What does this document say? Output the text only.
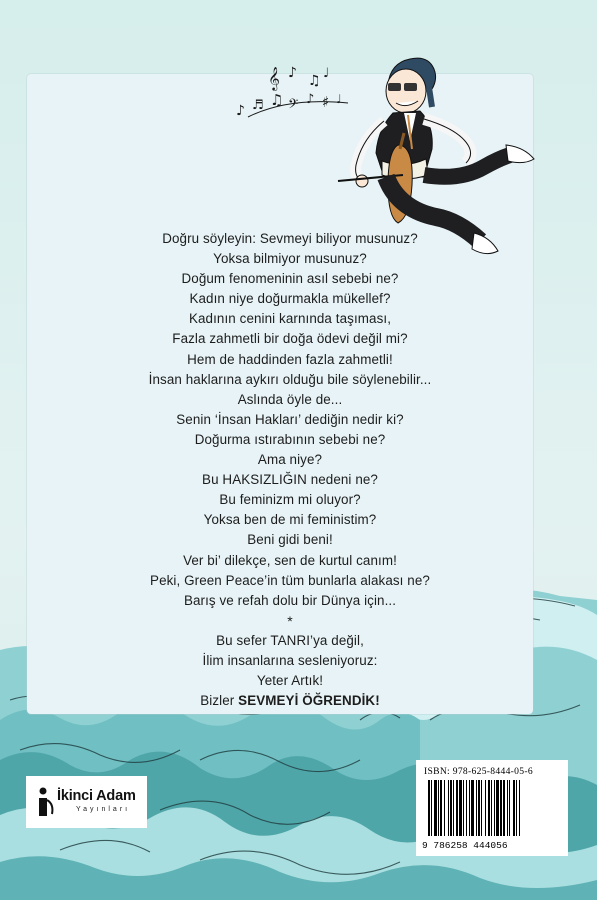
𝄞 ♪ ♫ ♩
♪ ♬ ♫ 𝄢 ♪ ♯ ♩
Doğru söyleyin: Sevmeyi biliyor musunuz?
Yoksa bilmiyor musunuz?
Doğum fenomeninin asıl sebebi ne?
Kadın niye doğurmakla mükellef?
Kadının cenini karnında taşıması,
Fazla zahmetli bir doğa ödevi değil mi?
Hem de haddinden fazla zahmetli!
İnsan haklarına aykırı olduğu bile söylenebilir...
Aslında öyle de...
Senin ‘İnsan Hakları’ dediğin nedir ki?
Doğurma ıstırabının sebebi ne?
Ama niye?
Bu HAKSIZLIĞIN nedeni ne?
Bu feminizm mi oluyor?
Yoksa ben de mi feministim?
Beni gidi beni!
Ver bi’ dilekçe, sen de kurtul canım!
Peki, Green Peace’in tüm bunlarla alakası ne?
Barış ve refah dolu bir Dünya için...
*
Bu sefer TANRI’ya değil,
İlim insanlarına sesleniyoruz:
Yeter Artık!
Bizler SEVMEYİ ÖĞRENDİK!
İkinci Adam
Yayınları
ISBN: 978-625-8444-05-6
9 786258 444056
